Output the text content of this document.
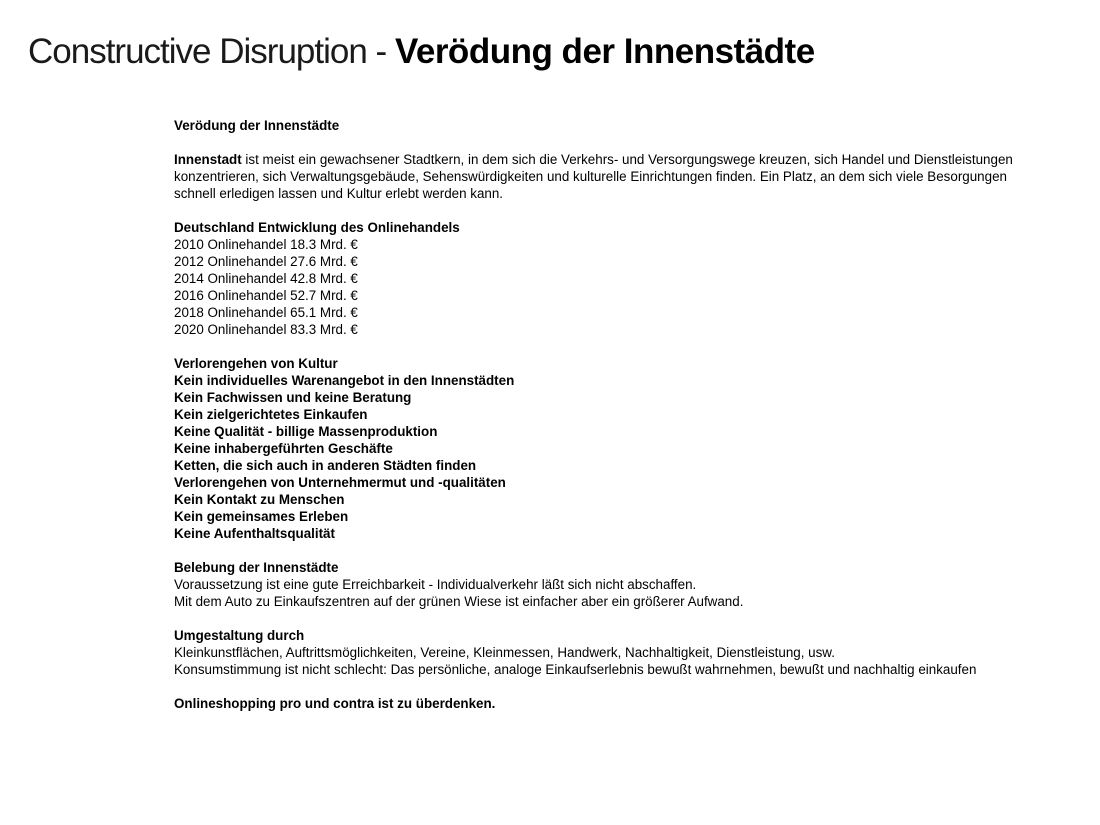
Constructive Disruption - Verödung der Innenstädte
Verödung der Innenstädte
Innenstadt ist meist ein gewachsener Stadtkern, in dem sich die Verkehrs- und Versorgungswege kreuzen, sich Handel und Dienstleistungen
konzentrieren, sich Verwaltungsgebäude, Sehenswürdigkeiten und kulturelle Einrichtungen finden. Ein Platz, an dem sich viele Besorgungen
schnell erledigen lassen und Kultur erlebt werden kann.
Deutschland Entwicklung des Onlinehandels
2010 Onlinehandel 18.3 Mrd. €
2012 Onlinehandel 27.6 Mrd. €
2014 Onlinehandel 42.8 Mrd. €
2016 Onlinehandel 52.7 Mrd. €
2018 Onlinehandel 65.1 Mrd. €
2020 Onlinehandel 83.3 Mrd. €
Verlorengehen von Kultur
Kein individuelles Warenangebot in den Innenstädten
Kein Fachwissen und keine Beratung
Kein zielgerichtetes Einkaufen
Keine Qualität - billige Massenproduktion
Keine inhabergeführten Geschäfte
Ketten, die sich auch in anderen Städten finden
Verlorengehen von Unternehmermut und -qualitäten
Kein Kontakt zu Menschen
Kein gemeinsames Erleben
Keine Aufenthaltsqualität
Belebung der Innenstädte
Voraussetzung ist eine gute Erreichbarkeit - Individualverkehr läßt sich nicht abschaffen.
Mit dem Auto zu Einkaufszentren auf der grünen Wiese ist einfacher aber ein größerer Aufwand.
Umgestaltung durch
Kleinkunstflächen, Auftrittsmöglichkeiten, Vereine, Kleinmessen, Handwerk, Nachhaltigkeit, Dienstleistung, usw.
Konsumstimmung ist nicht schlecht: Das persönliche, analoge Einkaufserlebnis bewußt wahrnehmen, bewußt und nachhaltig einkaufen
Onlineshopping pro und contra ist zu überdenken.
